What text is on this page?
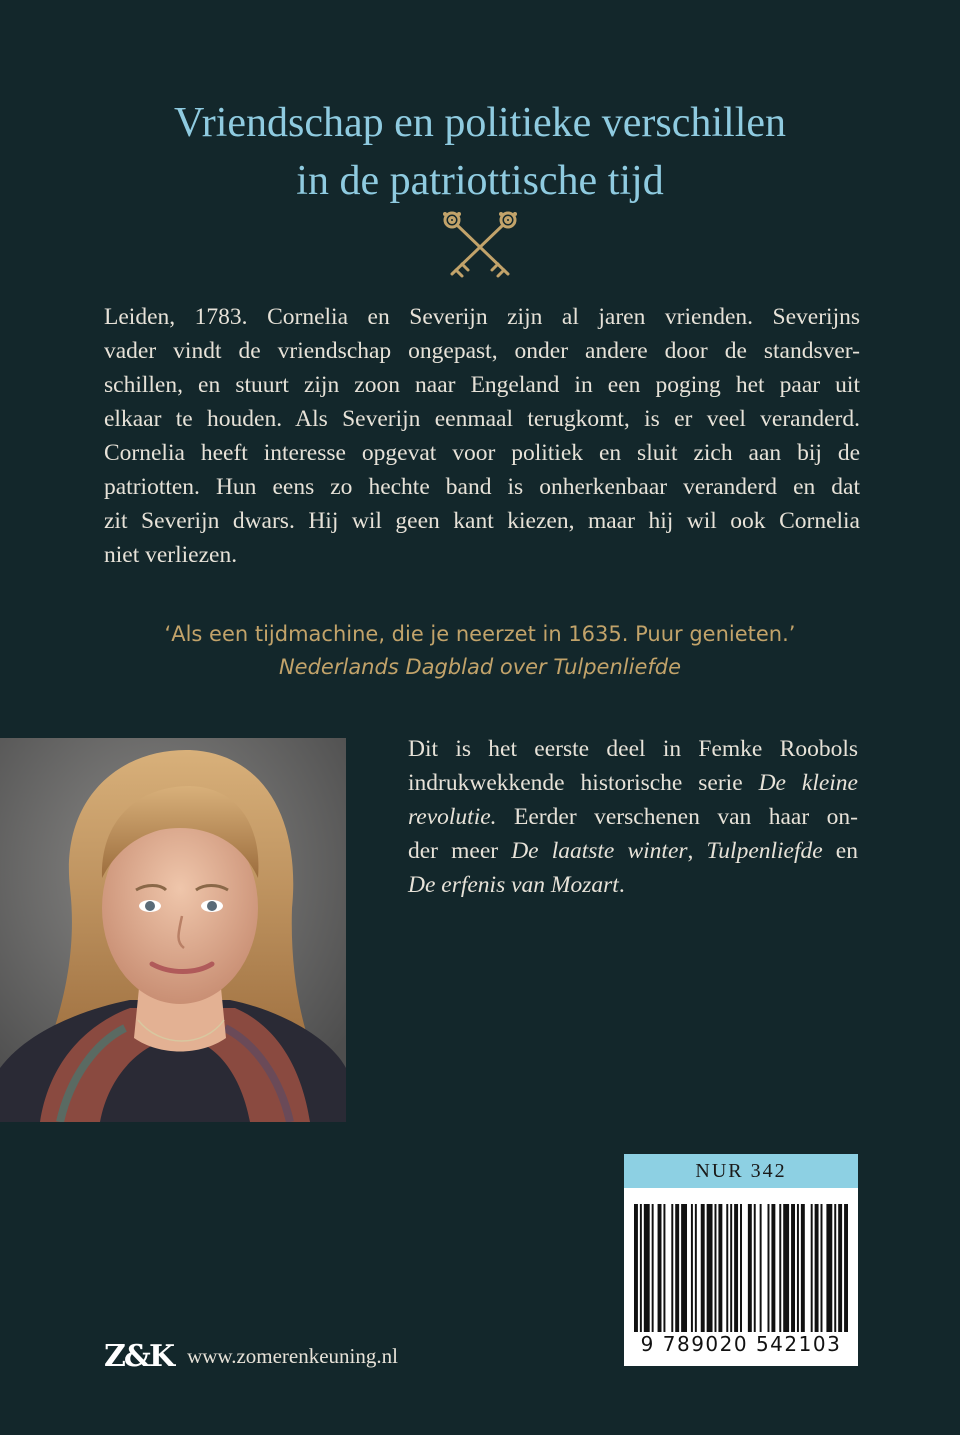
Vriendschap en politieke verschillen
in de patriottische tijd
Leiden, 1783. Cornelia en Severijn zijn al jaren vrienden. Severijns
vader vindt de vriendschap ongepast, onder andere door de standsver-
schillen, en stuurt zijn zoon naar Engeland in een poging het paar uit
elkaar te houden. Als Severijn eenmaal terugkomt, is er veel veranderd.
Cornelia heeft interesse opgevat voor politiek en sluit zich aan bij de
patriotten. Hun eens zo hechte band is onherkenbaar veranderd en dat
zit Severijn dwars. Hij wil geen kant kiezen, maar hij wil ook Cornelia
niet verliezen.
‘Als een tijdmachine, die je neerzet in 1635. Puur genieten.’
Nederlands Dagblad over Tulpenliefde
Dit is het eerste deel in Femke Roobols
indrukwekkende historische serie De kleine
revolutie. Eerder verschenen van haar on-
der meer De laatste winter, Tulpenliefde en
De erfenis van Mozart.
NUR 342
9 789020 542103
Z&K www.zomerenkeuning.nl
